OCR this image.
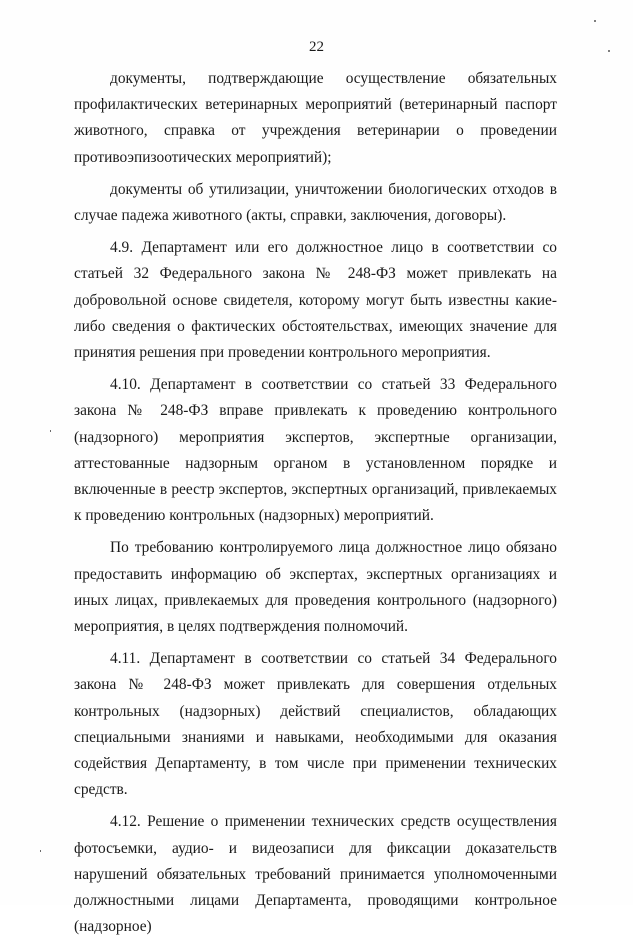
22

документы, подтверждающие осуществление обязательных профилактических ветеринарных мероприятий (ветеринарный паспорт животного, справка от учреждения ветеринарии о проведении противоэпизоотических мероприятий);

документы об утилизации, уничтожении биологических отходов в случае падежа животного (акты, справки, заключения, договоры).

4.9. Департамент или его должностное лицо в соответствии со статьей 32 Федерального закона № 248-ФЗ может привлекать на добровольной основе свидетеля, которому могут быть известны какие-либо сведения о фактических обстоятельствах, имеющих значение для принятия решения при проведении контрольного мероприятия.

4.10. Департамент в соответствии со статьей 33 Федерального закона № 248-ФЗ вправе привлекать к проведению контрольного (надзорного) мероприятия экспертов, экспертные организации, аттестованные надзорным органом в установленном порядке и включенные в реестр экспертов, экспертных организаций, привлекаемых к проведению контрольных (надзорных) мероприятий.

По требованию контролируемого лица должностное лицо обязано предоставить информацию об экспертах, экспертных организациях и иных лицах, привлекаемых для проведения контрольного (надзорного) мероприятия, в целях подтверждения полномочий.

4.11. Департамент в соответствии со статьей 34 Федерального закона № 248-ФЗ может привлекать для совершения отдельных контрольных (надзорных) действий специалистов, обладающих специальными знаниями и навыками, необходимыми для оказания содействия Департаменту, в том числе при применении технических средств.

4.12. Решение о применении технических средств осуществления фотосъемки, аудио- и видеозаписи для фиксации доказательств нарушений обязательных требований принимается уполномоченными должностными лицами Департамента, проводящими контрольное (надзорное)
